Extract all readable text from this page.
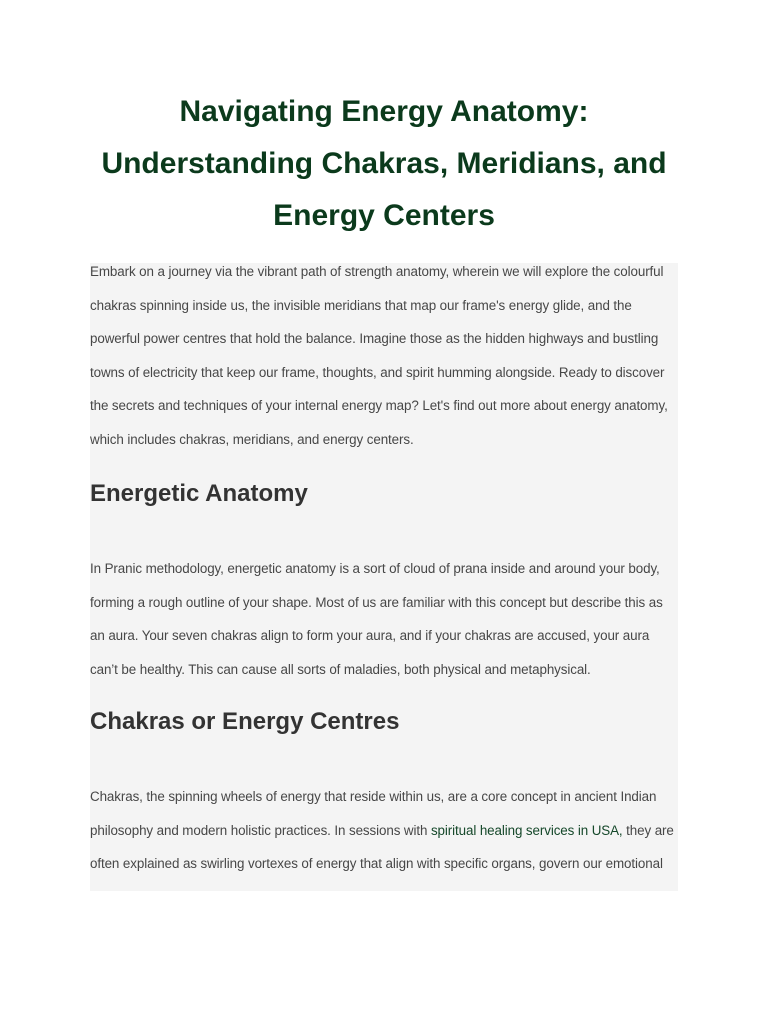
Navigating Energy Anatomy:
Understanding Chakras, Meridians, and
Energy Centers

Embark on a journey via the vibrant path of strength anatomy, wherein we will explore the colourful
chakras spinning inside us, the invisible meridians that map our frame's energy glide, and the
powerful power centres that hold the balance. Imagine those as the hidden highways and bustling
towns of electricity that keep our frame, thoughts, and spirit humming alongside. Ready to discover
the secrets and techniques of your internal energy map? Let's find out more about energy anatomy,
which includes chakras, meridians, and energy centers.

Energetic Anatomy

In Pranic methodology, energetic anatomy is a sort of cloud of prana inside and around your body,
forming a rough outline of your shape. Most of us are familiar with this concept but describe this as
an aura. Your seven chakras align to form your aura, and if your chakras are accused, your aura
can’t be healthy. This can cause all sorts of maladies, both physical and metaphysical.

Chakras or Energy Centres

Chakras, the spinning wheels of energy that reside within us, are a core concept in ancient Indian
philosophy and modern holistic practices. In sessions with spiritual healing services in USA, they are
often explained as swirling vortexes of energy that align with specific organs, govern our emotional
